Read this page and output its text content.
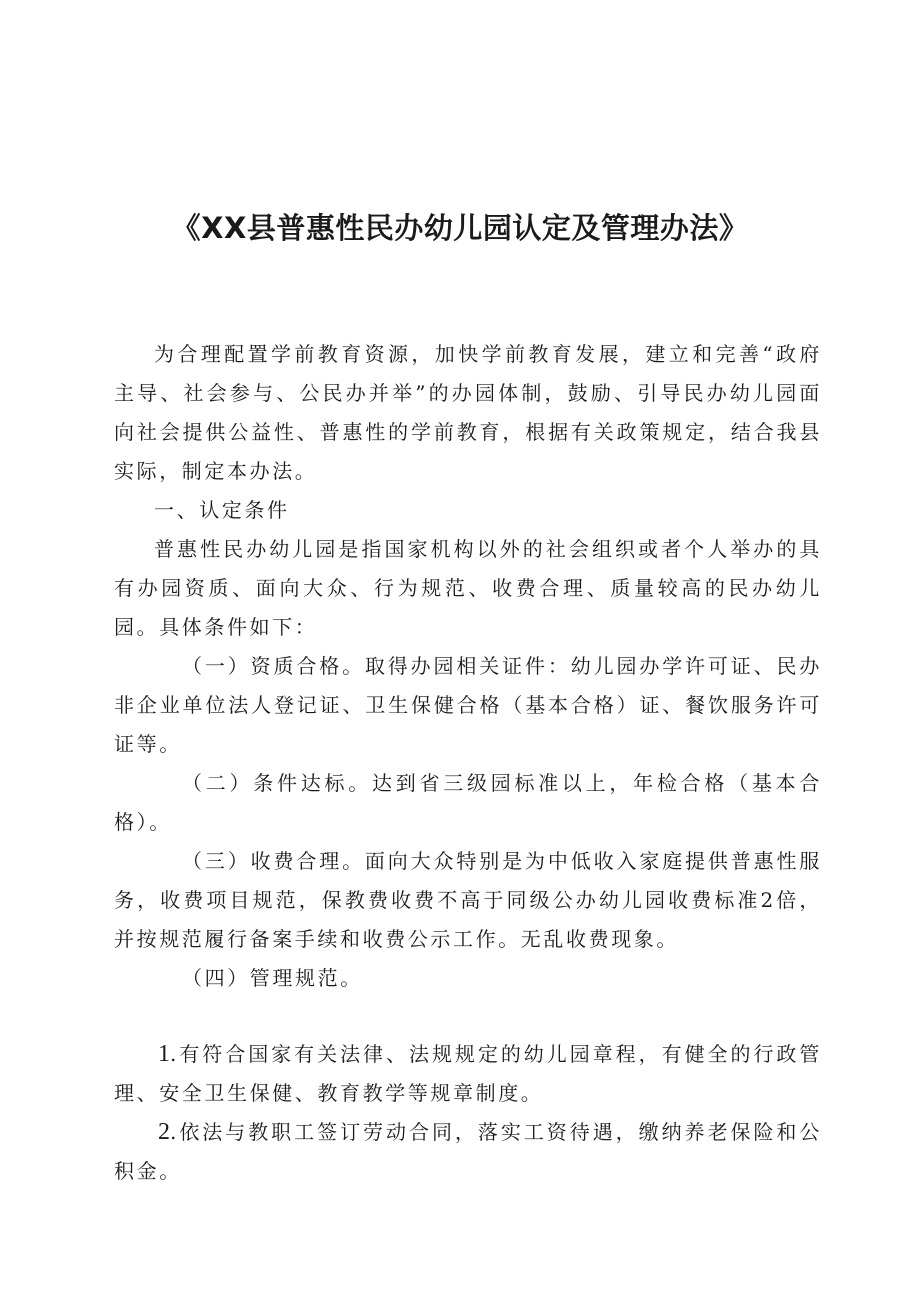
《XX县普惠性民办幼儿园认定及管理办法》

为合理配置学前教育资源，加快学前教育发展，建立和完善“政府主导、社会参与、公民办并举”的办园体制，鼓励、引导民办幼儿园面向社会提供公益性、普惠性的学前教育，根据有关政策规定，结合我县实际，制定本办法。

一、认定条件

普惠性民办幼儿园是指国家机构以外的社会组织或者个人举办的具有办园资质、面向大众、行为规范、收费合理、质量较高的民办幼儿园。具体条件如下：

（一）资质合格。取得办园相关证件：幼儿园办学许可证、民办非企业单位法人登记证、卫生保健合格（基本合格）证、餐饮服务许可证等。

（二）条件达标。达到省三级园标准以上，年检合格（基本合格）。

（三）收费合理。面向大众特别是为中低收入家庭提供普惠性服务，收费项目规范，保教费收费不高于同级公办幼儿园收费标准2倍，并按规范履行备案手续和收费公示工作。无乱收费现象。

（四）管理规范。

1.有符合国家有关法律、法规规定的幼儿园章程，有健全的行政管理、安全卫生保健、教育教学等规章制度。

2.依法与教职工签订劳动合同，落实工资待遇，缴纳养老保险和公积金。
